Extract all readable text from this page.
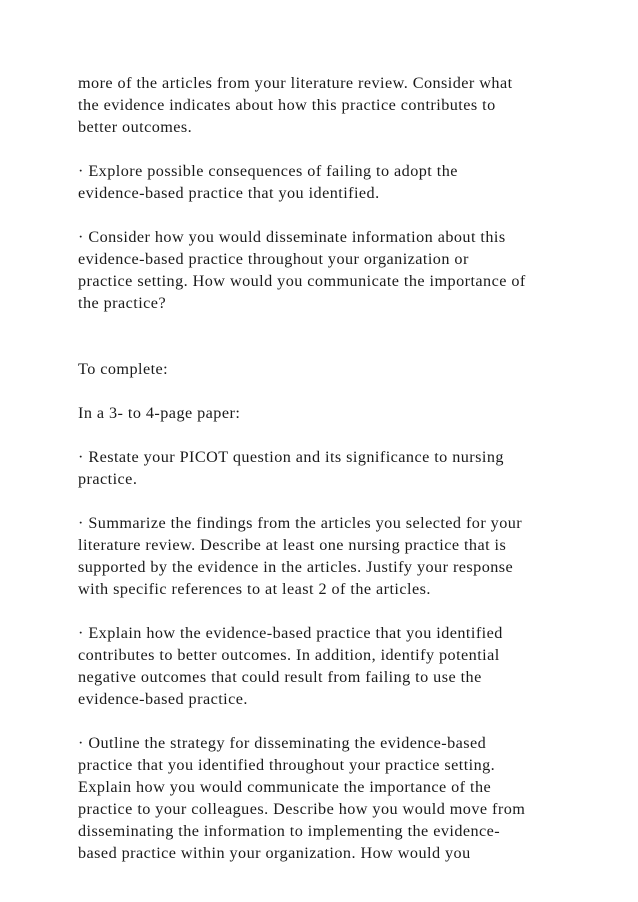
more of the articles from your literature review. Consider what
the evidence indicates about how this practice contributes to
better outcomes.

· Explore possible consequences of failing to adopt the
evidence-based practice that you identified.

· Consider how you would disseminate information about this
evidence-based practice throughout your organization or
practice setting. How would you communicate the importance of
the practice?

To complete:

In a 3- to 4-page paper:

· Restate your PICOT question and its significance to nursing
practice.

· Summarize the findings from the articles you selected for your
literature review. Describe at least one nursing practice that is
supported by the evidence in the articles. Justify your response
with specific references to at least 2 of the articles.

· Explain how the evidence-based practice that you identified
contributes to better outcomes. In addition, identify potential
negative outcomes that could result from failing to use the
evidence-based practice.

· Outline the strategy for disseminating the evidence-based
practice that you identified throughout your practice setting.
Explain how you would communicate the importance of the
practice to your colleagues. Describe how you would move from
disseminating the information to implementing the evidence-
based practice within your organization. How would you
